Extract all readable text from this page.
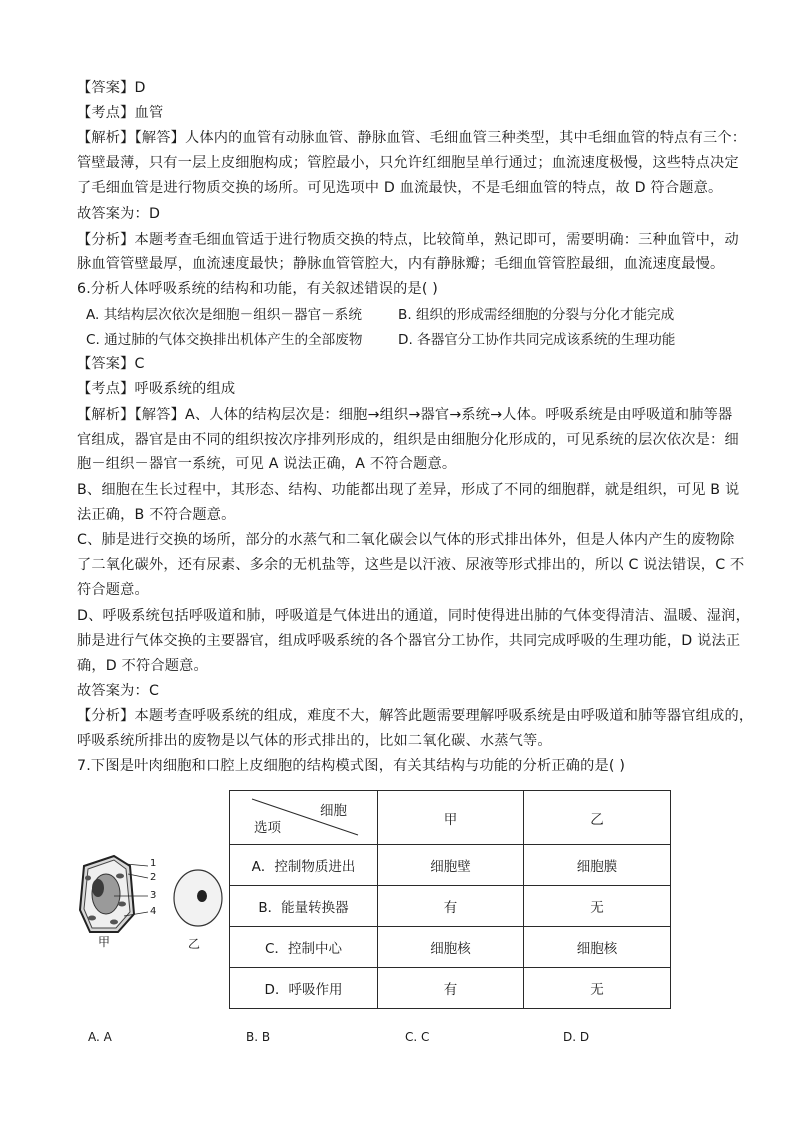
【答案】D
【考点】血管
【解析】【解答】人体内的血管有动脉血管、静脉血管、毛细血管三种类型，其中毛细血管的特点有三个：
管壁最薄，只有一层上皮细胞构成；管腔最小，只允许红细胞呈单行通过；血流速度极慢，这些特点决定
了毛细血管是进行物质交换的场所。可见选项中 D 血流最快，不是毛细血管的特点，故 D 符合题意。
故答案为：D
【分析】本题考查毛细血管适于进行物质交换的特点，比较简单，熟记即可，需要明确：三种血管中，动
脉血管管壁最厚，血流速度最快；静脉血管管腔大，内有静脉瓣；毛细血管管腔最细，血流速度最慢。
6.分析人体呼吸系统的结构和功能，有关叙述错误的是( )
A. 其结构层次依次是细胞－组织－器官－系统	B. 组织的形成需经细胞的分裂与分化才能完成
C. 通过肺的气体交换排出机体产生的全部废物	D. 各器官分工协作共同完成该系统的生理功能
【答案】C
【考点】呼吸系统的组成
【解析】【解答】A、人体的结构层次是：细胞→组织→器官→系统→人体。呼吸系统是由呼吸道和肺等器
官组成，器官是由不同的组织按次序排列形成的，组织是由细胞分化形成的，可见系统的层次依次是：细
胞－组织－器官一系统，可见 A 说法正确，A 不符合题意。
B、细胞在生长过程中，其形态、结构、功能都出现了差异，形成了不同的细胞群，就是组织，可见 B 说
法正确，B 不符合题意。
C、肺是进行交换的场所，部分的水蒸气和二氧化碳会以气体的形式排出体外，但是人体内产生的废物除
了二氧化碳外，还有尿素、多余的无机盐等，这些是以汗液、尿液等形式排出的，所以 C 说法错误，C 不
符合题意。
D、呼吸系统包括呼吸道和肺，呼吸道是气体进出的通道，同时使得进出肺的气体变得清洁、温暖、湿润，
肺是进行气体交换的主要器官，组成呼吸系统的各个器官分工协作，共同完成呼吸的生理功能，D 说法正
确，D 不符合题意。
故答案为：C
【分析】本题考查呼吸系统的组成，难度不大，解答此题需要理解呼吸系统是由呼吸道和肺等器官组成的，
呼吸系统所排出的废物是以气体的形式排出的，比如二氧化碳、水蒸气等。
7.下图是叶肉细胞和口腔上皮细胞的结构模式图，有关其结构与功能的分析正确的是( )
1
2
3
4
甲	乙
细胞
选项	甲	乙
A．控制物质进出	细胞壁	细胞膜
B．能量转换器	有	无
C．控制中心	细胞核	细胞核
D．呼吸作用	有	无
A. A	B. B	C. C	D. D
